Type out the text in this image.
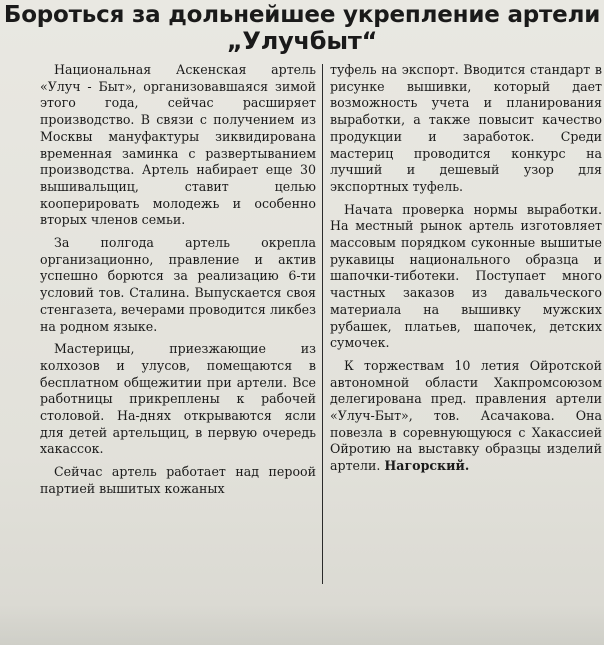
Бороться за дольнейшее укрепление артели
„Улучбыт“

Национальная Аскенская артель «Улуч - Быт», организовавшаяся зимой этого года, сейчас расширяет производство. В связи с получением из Москвы мануфактуры зиквидирована временная заминка с развертыванием производства. Артель набирает еще 30 вышивальщиц, ставит целью кооперировать молодежь и особенно вторых членов семьи.

За полгода артель окрепла организационно, правление и актив успешно борются за реализацию 6-ти условий тов. Сталина. Выпускается своя стенгазета, вечерами проводится ликбез на родном языке.

Мастерицы, приезжающие из колхозов и улусов, помещаются в бесплатном общежитии при артели. Все работницы прикреплены к рабочей столовой. На-днях открываются ясли для детей артельщиц, в первую очередь хакассок.

Сейчас артель работает над пероой партией вышитых кожаных

туфель на экспорт. Вводится стандарт в рисунке вышивки, который дает возможность учета и планирования выработки, а также повысит качество продукции и заработок. Среди мастериц проводится конкурс на лучший и дешевый узор для экспортных туфель.

Начата проверка нормы выработки. На местный рынок артель изготовляет массовым порядком суконные вышитые рукавицы национального образца и шапочки-тиботеки. Поступает много частных заказов из давальческого материала на вышивку мужских рубашек, платьев, шапочек, детских сумочек.

К торжествам 10 летия Ойротской автономной области Хакпромсоюзом делегирована пред. правления артели «Улуч-Быт», тов. Асачакова. Она повезла в соревнующуюся с Хакассией Ойротию на выставку образцы изделий артели. Нагорский.
